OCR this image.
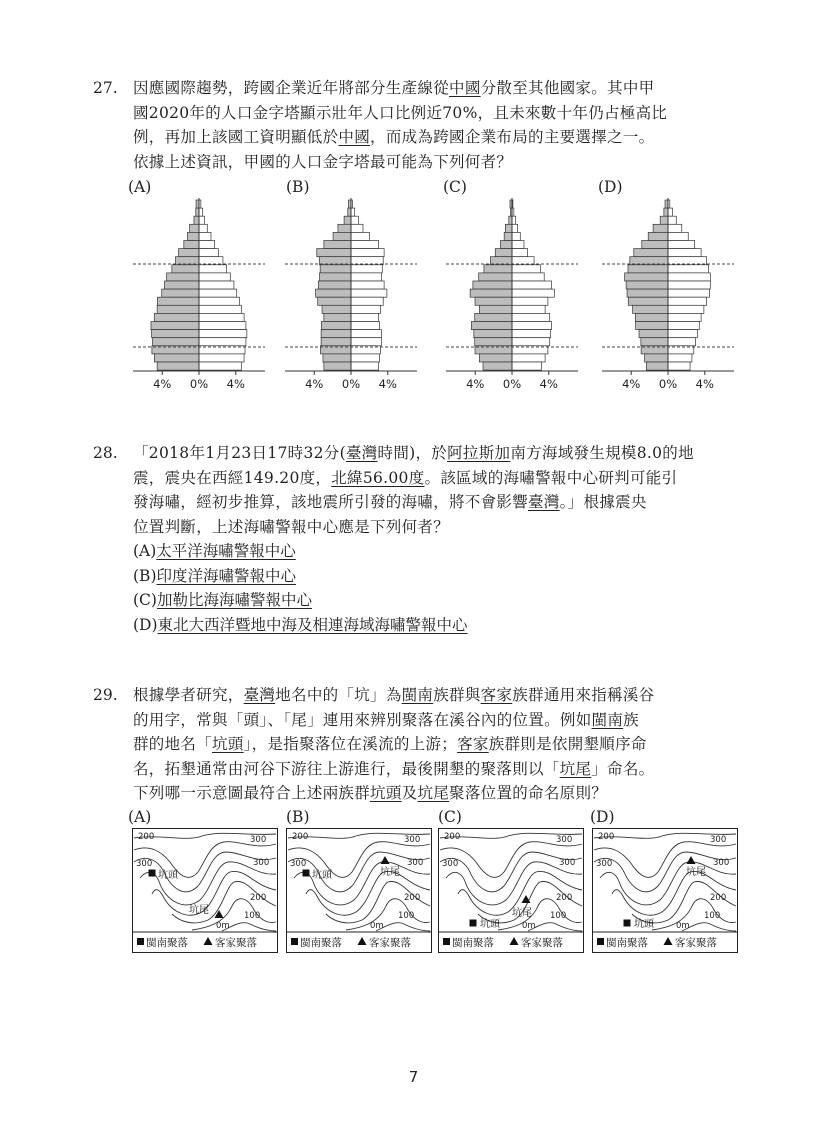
27. 因應國際趨勢，跨國企業近年將部分生產線從中國分散至其他國家。其中甲
國2020年的人口金字塔顯示壯年人口比例近70%，且未來數十年仍占極高比
例，再加上該國工資明顯低於中國，而成為跨國企業布局的主要選擇之一。
依據上述資訊，甲國的人口金字塔最可能為下列何者？
(A)	(B)	(C)	(D)
4% 0% 4%	4% 0% 4%	4% 0% 4%	4% 0% 4%
28. 「2018年1月23日17時32分(臺灣時間)，於阿拉斯加南方海域發生規模8.0的地
震，震央在西經149.20度，北緯56.00度。該區域的海嘯警報中心研判可能引
發海嘯，經初步推算，該地震所引發的海嘯，將不會影響臺灣。」根據震央
位置判斷，上述海嘯警報中心應是下列何者？
(A)太平洋海嘯警報中心
(B)印度洋海嘯警報中心
(C)加勒比海海嘯警報中心
(D)東北大西洋暨地中海及相連海域海嘯警報中心
29. 根據學者研究，臺灣地名中的「坑」為閩南族群與客家族群通用來指稱溪谷
的用字，常與「頭」、「尾」連用來辨別聚落在溪谷內的位置。例如閩南族
群的地名「坑頭」，是指聚落位在溪流的上游；客家族群則是依開墾順序命
名，拓墾通常由河谷下游往上游進行，最後開墾的聚落則以「坑尾」命名。
下列哪一示意圖最符合上述兩族群坑頭及坑尾聚落位置的命名原則？
(A)	(B)	(C)	(D)
200	300
300	300
200
100
0m
坑頭
坑尾
閩南聚落	客家聚落
200	300
300	300
200
100
0m
坑頭	坑尾
閩南聚落	客家聚落
200	300
300	300
200
100
0m
坑頭
坑尾
閩南聚落	客家聚落
200	300
300	300
200
100
0m
坑頭
坑尾
閩南聚落	客家聚落
7
